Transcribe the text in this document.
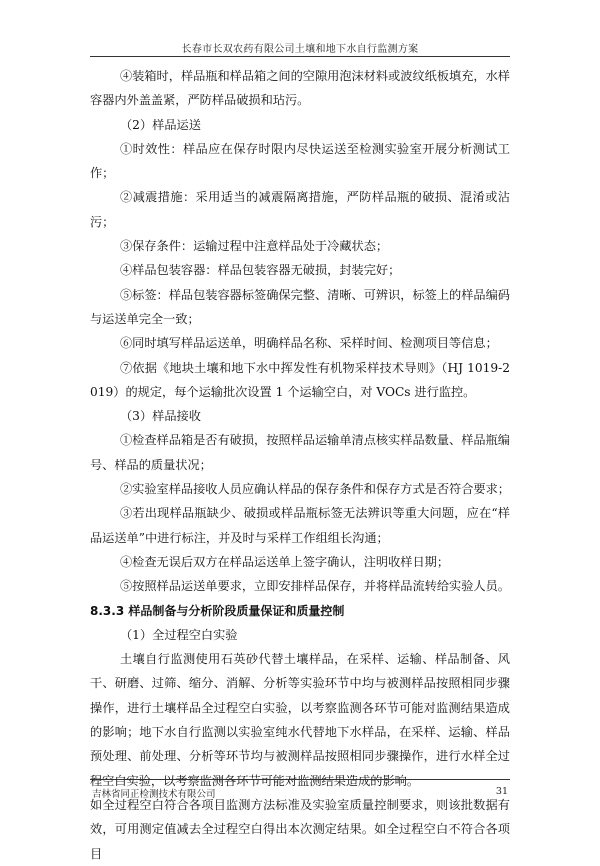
长春市长双农药有限公司土壤和地下水自行监测方案

④装箱时，样品瓶和样品箱之间的空隙用泡沫材料或波纹纸板填充，水样容器内外盖盖紧，严防样品破损和玷污。

（2）样品运送

①时效性：样品应在保存时限内尽快运送至检测实验室开展分析测试工作；

②减震措施：采用适当的减震隔离措施，严防样品瓶的破损、混淆或沾污；

③保存条件：运输过程中注意样品处于冷藏状态；

④样品包装容器：样品包装容器无破损，封装完好；

⑤标签：样品包装容器标签确保完整、清晰、可辨识，标签上的样品编码与运送单完全一致；

⑥同时填写样品运送单，明确样品名称、采样时间、检测项目等信息；

⑦依据《地块土壤和地下水中挥发性有机物采样技术导则》（HJ 1019-2019）的规定，每个运输批次设置 1 个运输空白，对 VOCs 进行监控。

（3）样品接收

①检查样品箱是否有破损，按照样品运输单清点核实样品数量、样品瓶编号、样品的质量状况；

②实验室样品接收人员应确认样品的保存条件和保存方式是否符合要求；

③若出现样品瓶缺少、破损或样品瓶标签无法辨识等重大问题，应在“样品运送单”中进行标注，并及时与采样工作组组长沟通；

④检查无误后双方在样品运送单上签字确认，注明收样日期；

⑤按照样品运送单要求，立即安排样品保存，并将样品流转给实验人员。

8.3.3 样品制备与分析阶段质量保证和质量控制

（1）全过程空白实验

土壤自行监测使用石英砂代替土壤样品，在采样、运输、样品制备、风干、研磨、过筛、缩分、消解、分析等实验环节中均与被测样品按照相同步骤操作，进行土壤样品全过程空白实验，以考察监测各环节可能对监测结果造成的影响；地下水自行监测以实验室纯水代替地下水样品，在采样、运输、样品预处理、前处理、分析等环节均与被测样品按照相同步骤操作，进行水样全过程空白实验，以考察监测各环节可能对监测结果造成的影响。

如全过程空白符合各项目监测方法标准及实验室质量控制要求，则该批数据有效，可用测定值减去全过程空白得出本次测定结果。如全过程空白不符合各项目

吉林省同正检测技术有限公司	31
